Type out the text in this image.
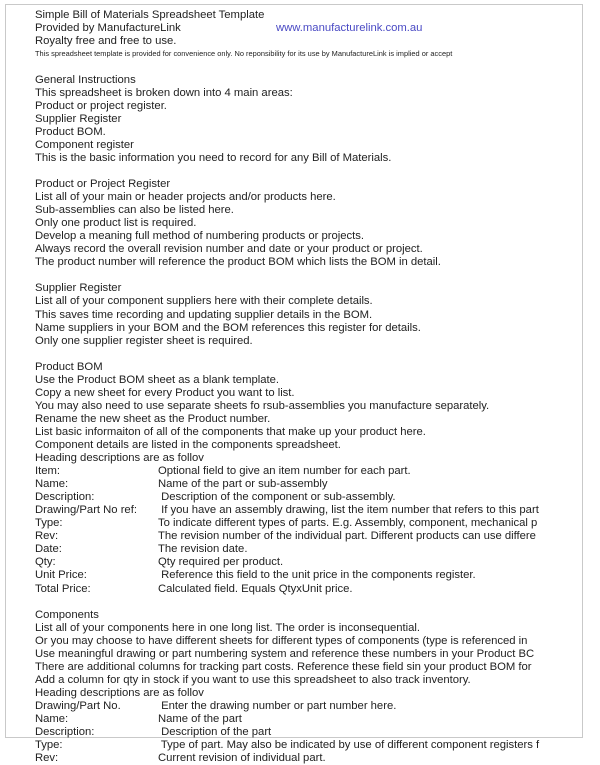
Simple Bill of Materials Spreadsheet Template
Provided by ManufactureLink	www.manufacturelink.com.au
Royalty free and free to use.
This spreadsheet template is provided for convenience only. No reponsibility for its use by ManufactureLink is implied or accept
General Instructions
This spreadsheet is broken down into 4 main areas:
Product or project register.
Supplier Register
Product BOM.
Component register
This is the basic information you need to record for any Bill of Materials.
Product or Project Register
List all of your main or header projects and/or products here.
Sub-assemblies can also be listed here.
Only one product list is required.
Develop a meaning full method of numbering products or projects.
Always record the overall revision number and date or your product or project.
The product number will reference the product BOM which lists the BOM in detail.
Supplier Register
List all of your component suppliers here with their complete details.
This saves time recording and updating supplier details in the BOM.
Name suppliers in your BOM and the BOM references this register for details.
Only one supplier register sheet is required.
Product BOM
Use the Product BOM sheet as a blank template.
Copy a new sheet for every Product you want to list.
You may also need to use separate sheets fo rsub-assemblies you manufacture separately.
Rename the new sheet as the Product number.
List basic informaiton of all of the components that make up your product here.
Component details are listed in the components spreadsheet.
Heading descriptions are as follov
Item:	Optional field to give an item number for each part.
Name:	Name of the part or sub-assembly
Description:	Description of the component or sub-assembly.
Drawing/Part No ref: If you have an assembly drawing, list the item number that refers to this part
Type:	To indicate different types of parts. E.g. Assembly, component, mechanical p
Rev:	The revision number of the individual part. Different products can use differe
Date:	The revision date.
Qty:	Qty required per product.
Unit Price:	Reference this field to the unit price in the components register.
Total Price:	Calculated field. Equals QtyxUnit price.
Components
List all of your components here in one long list. The order is inconsequential.
Or you may choose to have different sheets for different types of components (type is referenced in
Use meaningful drawing or part numbering system and reference these numbers in your Product BC
There are additional columns for tracking part costs. Reference these field sin your product BOM for
Add a column for qty in stock if you want to use this spreadsheet to also track inventory.
Heading descriptions are as follov
Drawing/Part No.	Enter the drawing number or part number here.
Name:	Name of the part
Description:	Description of the part
Type:	Type of part. May also be indicated by use of different component registers f
Rev:	Current revision of individual part.
